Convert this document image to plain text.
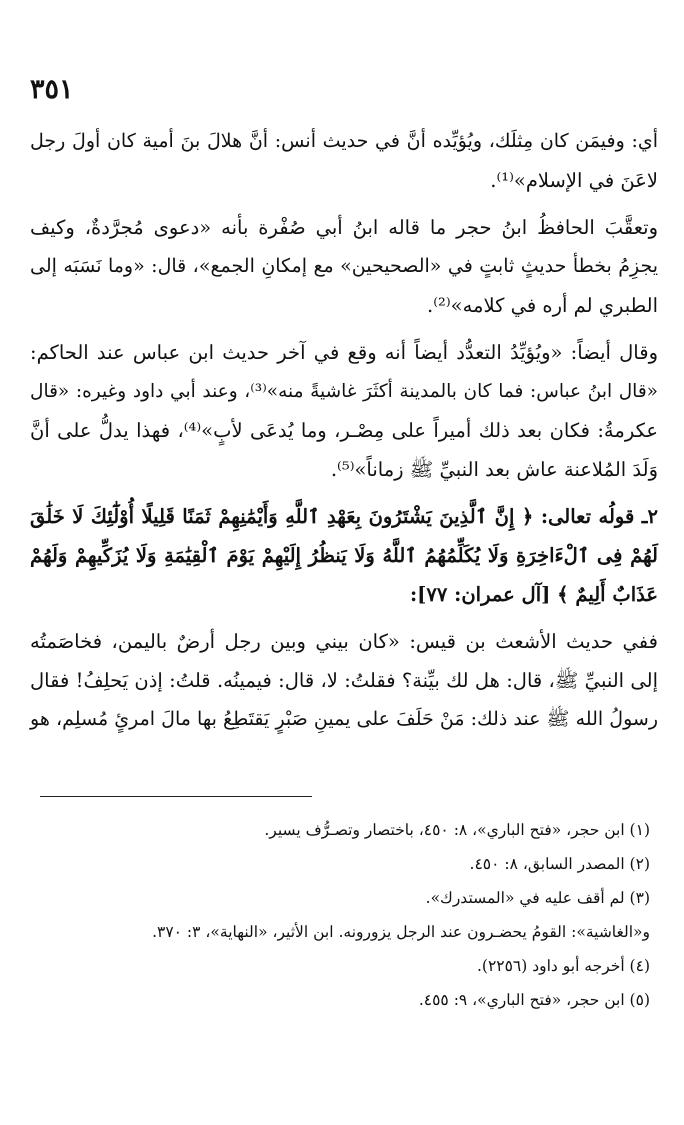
٣٥١

أي: وفيمَن كان مِثلَك، ويُؤيِّده أنَّ في حديث أنس: أنَّ هلالَ بنَ أمية كان أولَ رجل
لاعَنَ في الإسلام»⁽¹⁾.

وتعقَّبَ الحافظُ ابنُ حجر ما قاله ابنُ أبي صُفْرة بأنه «دعوى مُجرَّدةٌ، وكيف
يجزِمُ بخطأ حديثٍ ثابتٍ في «الصحيحين» مع إمكانِ الجمع»، قال: «وما نَسَبَه إلى
الطبري لم أره في كلامه»⁽²⁾.

وقال أيضاً: «ويُؤيِّدُ التعدُّد أيضاً أنه وقع في آخر حديث ابن عباس عند الحاكم:
«قال ابنُ عباس: فما كان بالمدينة أكثَرَ غاشيةً منه»⁽³⁾، وعند أبي داود وغيره: «قال
عكرمةُ: فكان بعد ذلك أميراً على مِصْـر، وما يُدعَى لأبٍ»⁽⁴⁾، فهذا يدلُّ على أنَّ
وَلَدَ المُلاعنة عاش بعد النبيِّ ﷺ زماناً»⁽⁵⁾.

٢ـ قولُه تعالى: ﴿ إِنَّ ٱلَّذِينَ يَشْتَرُونَ بِعَهْدِ ٱللَّهِ وَأَيْمَٰنِهِمْ ثَمَنًا قَلِيلًا أُوْلَٰٓئِكَ لَا خَلَٰقَ
لَهُمْ فِى ٱلْءَاخِرَةِ وَلَا يُكَلِّمُهُمُ ٱللَّهُ وَلَا يَنظُرُ إِلَيْهِمْ يَوْمَ ٱلْقِيَٰمَةِ وَلَا يُزَكِّيهِمْ وَلَهُمْ
عَذَابٌ أَلِيمٌ ﴾ [آل عمران: ٧٧]:

ففي حديث الأشعث بن قيس: «كان بيني وبين رجل أرضٌ باليمن، فخاصَمتُه
إلى النبيِّ ﷺ، قال: هل لك بيِّنة؟ فقلتُ: لا، قال: فيمينُه. قلتُ: إذن يَحلِفُ! فقال
رسولُ الله ﷺ عند ذلك: مَنْ حَلَفَ على يمينِ صَبْرٍ يَقتَطِعُ بها مالَ امرئٍ مُسلِم، هو

(١) ابن حجر، «فتح الباري»، ٨: ٤٥٠، باختصار وتصـرُّف يسير.
(٢) المصدر السابق، ٨: ٤٥٠.
(٣) لم أقف عليه في «المستدرك».
و«الغاشية»: القومُ يحضـرون عند الرجل يزورونه. ابن الأثير، «النهاية»، ٣: ٣٧٠.
(٤) أخرجه أبو داود (٢٢٥٦).
(٥) ابن حجر، «فتح الباري»، ٩: ٤٥٥.
